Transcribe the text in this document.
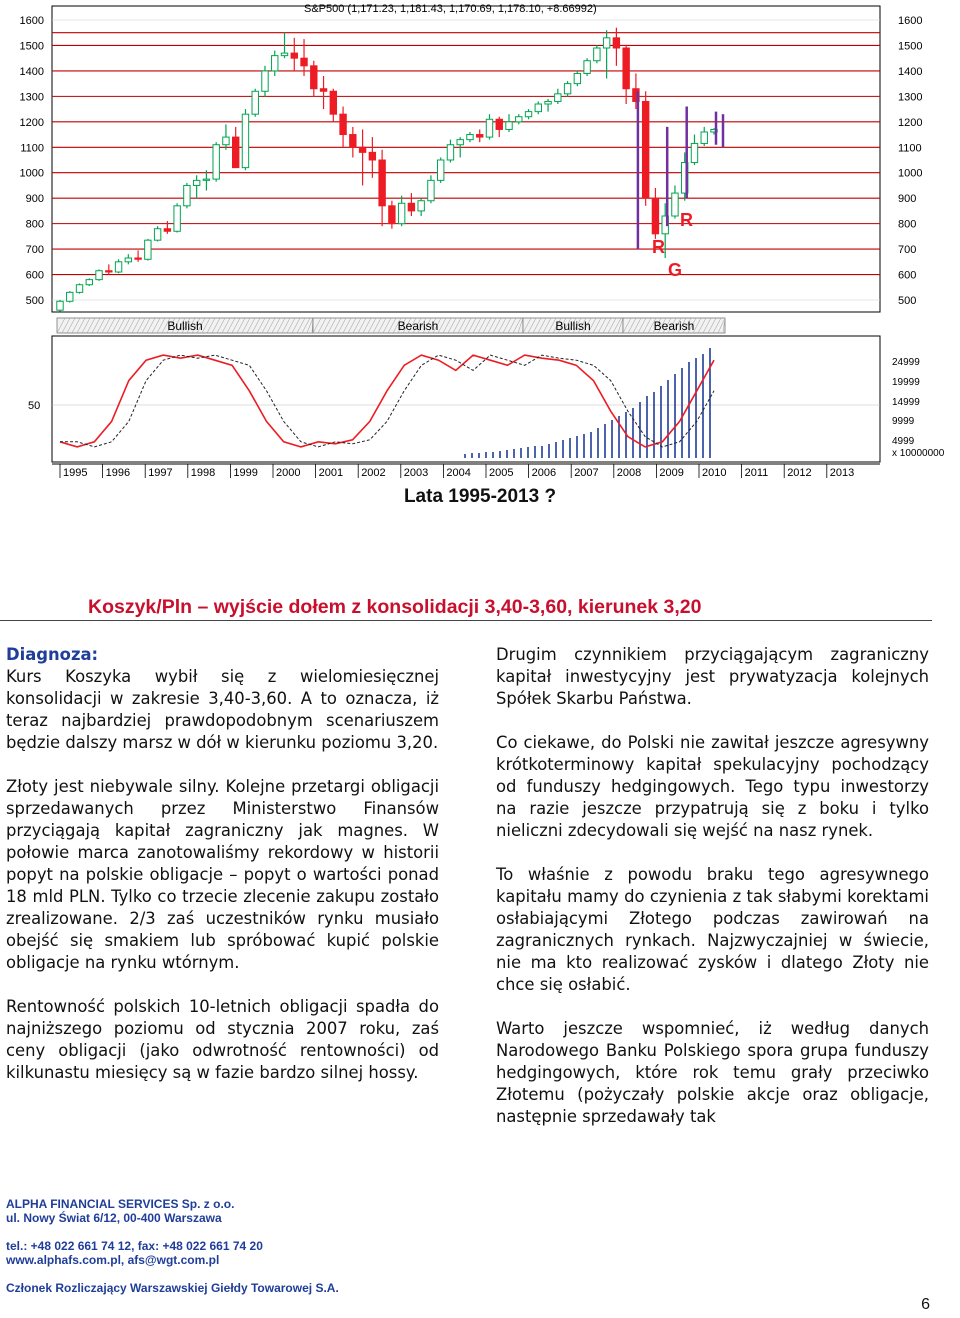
1600	1600
1500	1500
1400	1400
1300	1300
1200	1200
1100	1100
1000	1000
900	900
800	800
700	700
600	600
500	500
R
R
G
Bullish	Bearish	Bullish	Bearish
50
24999
19999
14999
9999
4999
x 10000000
1995 1996 1997 1998 1999 2000 2001 2002 2003 2004 2005 2006 2007 2008 2009 2010 2011 2012 2013
S&P500 (1,171.23, 1,181.43, 1,170.69, 1,178.10, +8.66992)
Lata 1995-2013 ?
Koszyk/Pln – wyjście dołem z konsolidacji 3,40-3,60, kierunek 3,20

Diagnoza:
Kurs Koszyka wybił się z wielomiesięcznej konsolidacji w zakresie 3,40-3,60. A to oznacza, iż teraz najbardziej prawdopodobnym scenariuszem będzie dalszy marsz w dół w kierunku poziomu 3,20.

Złoty jest niebywale silny. Kolejne przetargi obligacji sprzedawanych przez Ministerstwo Finansów przyciągają kapitał zagraniczny jak magnes. W połowie marca zanotowaliśmy rekordowy w historii popyt na polskie obligacje – popyt o wartości ponad 18 mld PLN. Tylko co trzecie zlecenie zakupu zostało zrealizowane. 2/3 zaś uczestników rynku musiało obejść się smakiem lub spróbować kupić polskie obligacje na rynku wtórnym.

Rentowność polskich 10-letnich obligacji spadła do najniższego poziomu od stycznia 2007 roku, zaś ceny obligacji (jako odwrotność rentowności) od kilkunastu miesięcy są w fazie bardzo silnej hossy.

Drugim czynnikiem przyciągającym zagraniczny kapitał inwestycyjny jest prywatyzacja kolejnych Spółek Skarbu Państwa.

Co ciekawe, do Polski nie zawitał jeszcze agresywny krótkoterminowy kapitał spekulacyjny pochodzący od funduszy hedgingowych. Tego typu inwestorzy na razie jeszcze przypatrują się z boku i tylko nieliczni zdecydowali się wejść na nasz rynek.

To właśnie z powodu braku tego agresywnego kapitału mamy do czynienia z tak słabymi korektami osłabiającymi Złotego podczas zawirowań na zagranicznych rynkach. Najzwyczajniej w świecie, nie ma kto realizować zysków i dlatego Złoty nie chce się osłabić.

Warto jeszcze wspomnieć, iż według danych Narodowego Banku Polskiego spora grupa funduszy hedgingowych, które rok temu grały przeciwko Złotemu (pożyczały polskie akcje oraz obligacje, następnie sprzedawały tak

ALPHA FINANCIAL SERVICES Sp. z o.o.
ul. Nowy Świat 6/12, 00-400 Warszawa
tel.: +48 022 661 74 12, fax: +48 022 661 74 20
www.alphafs.com.pl, afs@wgt.com.pl
Członek Rozliczający Warszawskiej Giełdy Towarowej S.A.
6
